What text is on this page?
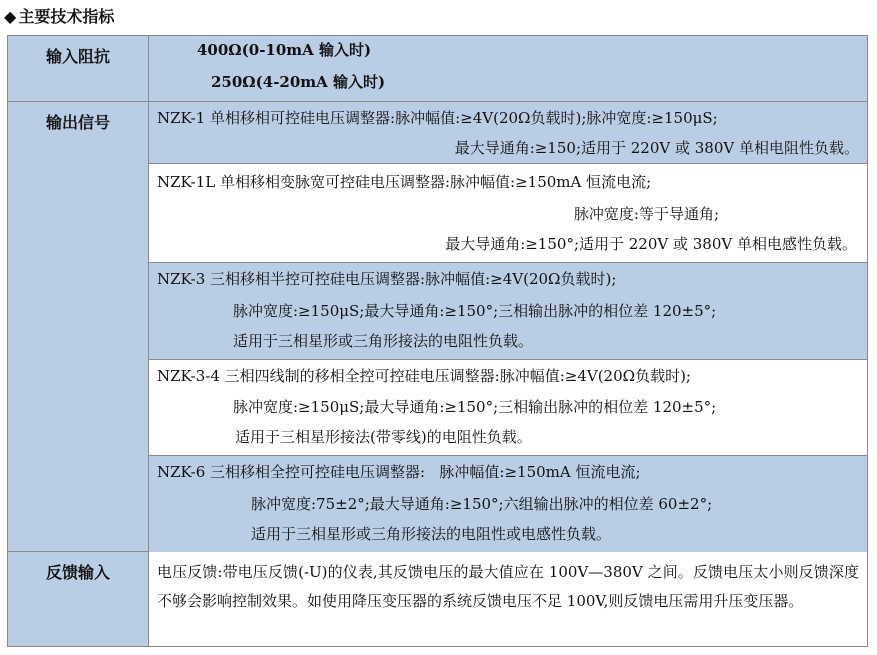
◆ 主要技术指标
输入阻抗	400Ω(0-10mA 输入时)
250Ω(4-20mA 输入时)
输出信号	NZK-1 单相移相可控硅电压调整器:脉冲幅值:≥4V(20Ω负载时);脉冲宽度:≥150μS;
最大导通角:≥150;适用于 220V 或 380V 单相电阻性负载。
NZK-1L 单相移相变脉宽可控硅电压调整器:脉冲幅值:≥150mA 恒流电流;
脉冲宽度:等于导通角;
最大导通角:≥150°;适用于 220V 或 380V 单相电感性负载。
NZK-3 三相移相半控可控硅电压调整器:脉冲幅值:≥4V(20Ω负载时);
脉冲宽度:≥150μS;最大导通角:≥150°;三相输出脉冲的相位差 120±5°;
适用于三相星形或三角形接法的电阻性负载。
NZK-3-4 三相四线制的移相全控可控硅电压调整器:脉冲幅值:≥4V(20Ω负载时);
脉冲宽度:≥150μS;最大导通角:≥150°;三相输出脉冲的相位差 120±5°;
适用于三相星形接法(带零线)的电阻性负载。
NZK-6 三相移相全控可控硅电压调整器:   脉冲幅值:≥150mA 恒流电流;
脉冲宽度:75±2°;最大导通角:≥150°;六组输出脉冲的相位差 60±2°;
适用于三相星形或三角形接法的电阻性或电感性负载。
反馈输入	电压反馈:带电压反馈(-U)的仪表,其反馈电压的最大值应在 100V—380V 之间。反馈电压太小则反馈深度不够会影响控制效果。如使用降压变压器的系统反馈电压不足 100V,则反馈电压需用升压变压器。
